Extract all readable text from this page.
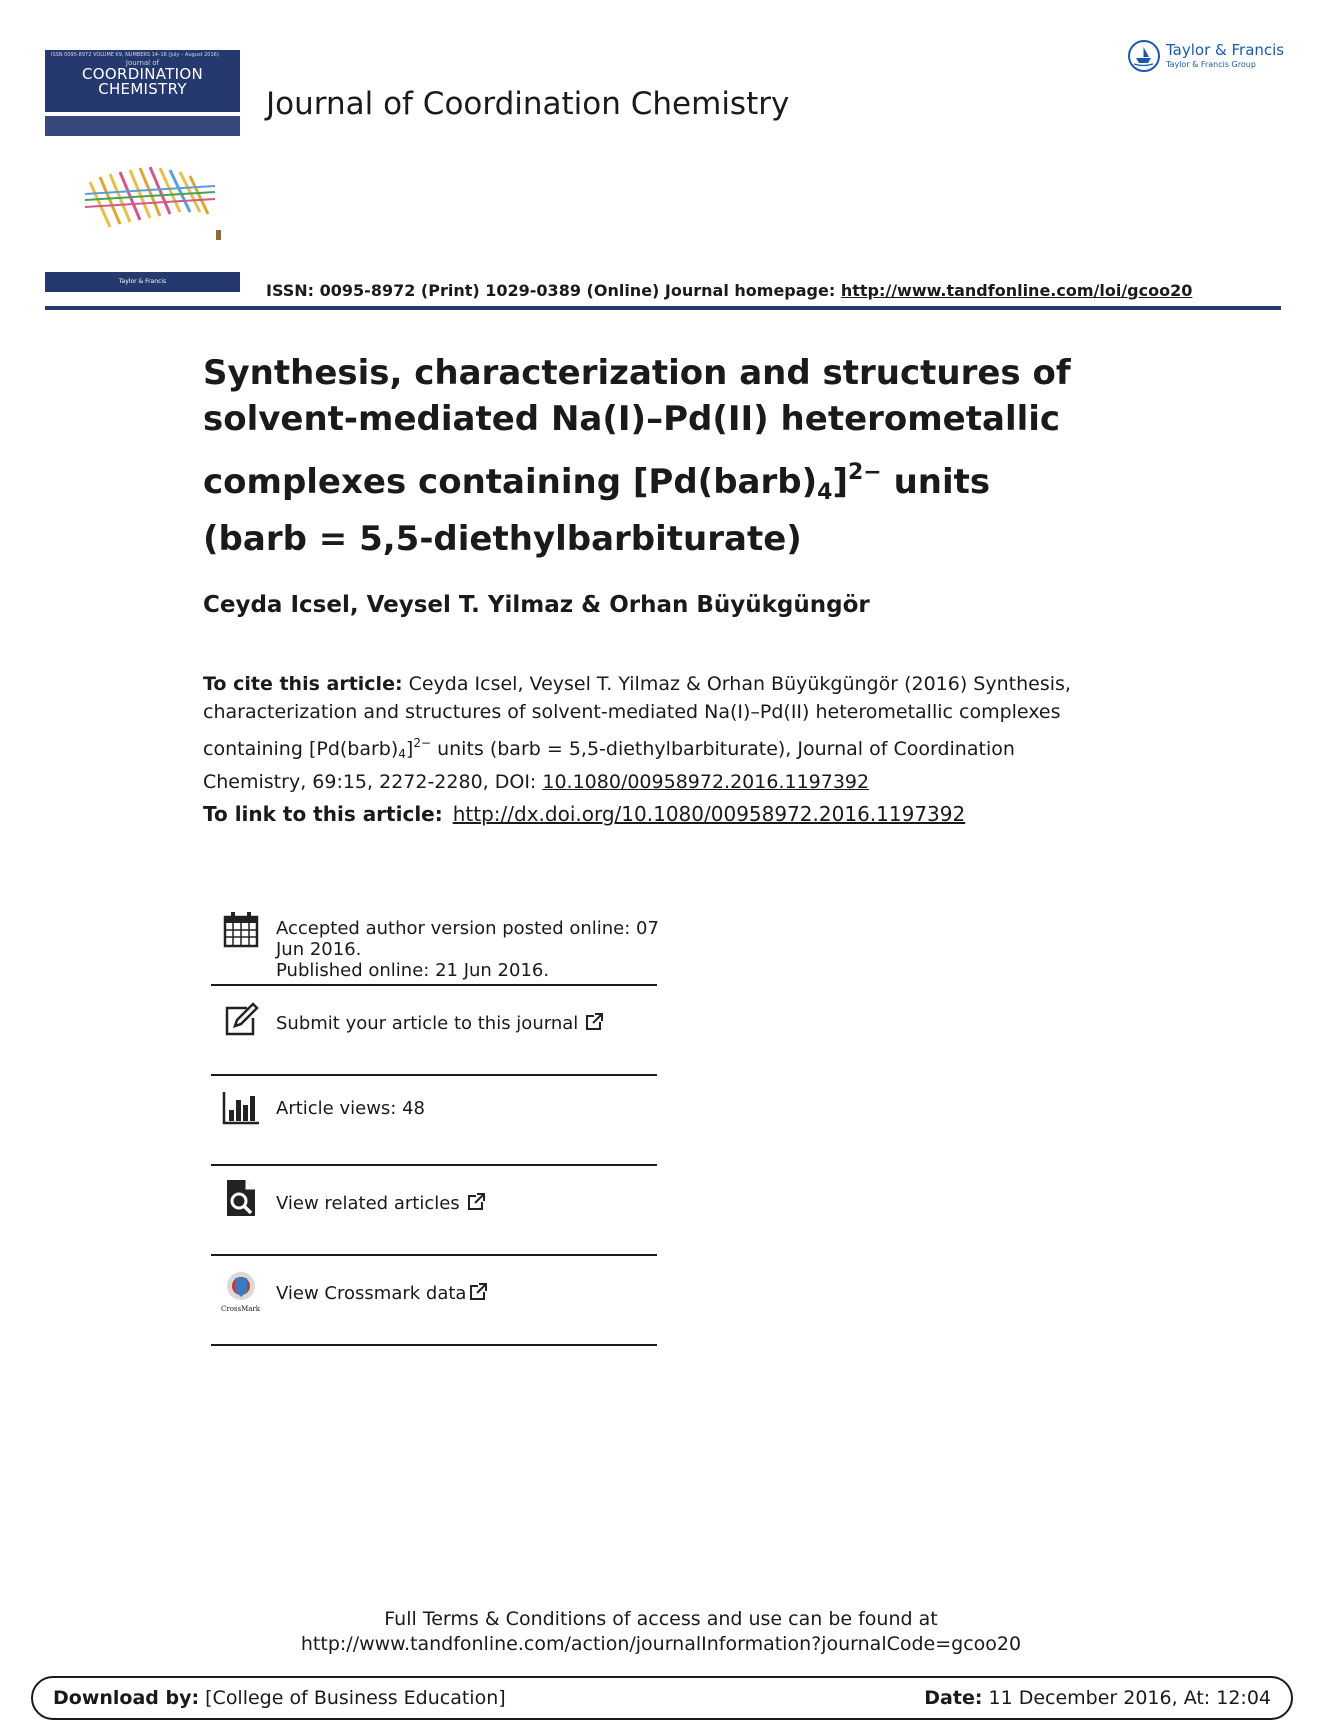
ISSN 0095-8972 VOLUME 69, NUMBERS 14–16 (July – August 2016)
Journal of
COORDINATION
CHEMISTRY
Taylor & Francis
Journal of Coordination Chemistry
Taylor & Francis
Taylor & Francis Group
ISSN: 0095-8972 (Print) 1029-0389 (Online) Journal homepage: http://www.tandfonline.com/loi/gcoo20
Synthesis, characterization and structures of
solvent-mediated Na(I)–Pd(II) heterometallic
complexes containing $[Pd(barb)_4]^{2-}$ units
(barb = 5,5-diethylbarbiturate)
Ceyda Icsel, Veysel T. Yilmaz & Orhan Büyükgüngör
To cite this article: Ceyda Icsel, Veysel T. Yilmaz & Orhan Büyükgüngör (2016) Synthesis,
characterization and structures of solvent-mediated Na(I)–Pd(II) heterometallic complexes
containing $[Pd(barb)_4]^{2-}$ units (barb = 5,5-diethylbarbiturate), Journal of Coordination
Chemistry, 69:15, 2272-2280, DOI: 10.1080/00958972.2016.1197392
To link to this article: http://dx.doi.org/10.1080/00958972.2016.1197392
Accepted author version posted online: 07
Jun 2016.
Published online: 21 Jun 2016.
Submit your article to this journal
Article views: 48
View related articles
CrossMark
View Crossmark data
Full Terms & Conditions of access and use can be found at
http://www.tandfonline.com/action/journalInformation?journalCode=gcoo20
Download by: [College of Business Education]	Date: 11 December 2016, At: 12:04
